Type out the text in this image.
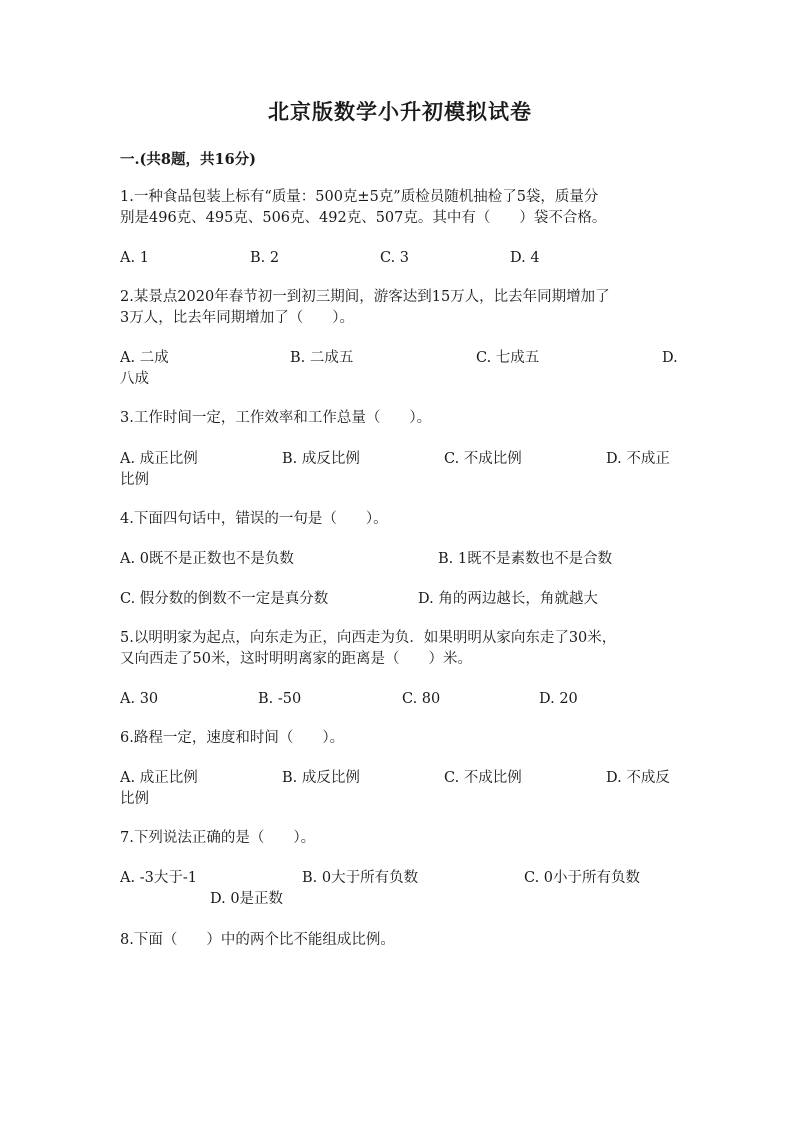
北京版数学小升初模拟试卷
一.(共8题，共16分)
1.一种食品包装上标有“质量：500克±5克”质检员随机抽检了5袋，质量分
别是496克、495克、506克、492克、507克。其中有（　　）袋不合格。
A. 1	B. 2	C. 3	D. 4
2.某景点2020年春节初一到初三期间，游客达到15万人，比去年同期增加了
3万人，比去年同期增加了（　　）。
A. 二成	B. 二成五	C. 七成五	D.
八成
3.工作时间一定，工作效率和工作总量（　　）。
A. 成正比例	B. 成反比例	C. 不成比例	D. 不成正
比例
4.下面四句话中，错误的一句是（　　）。
A. 0既不是正数也不是负数	B. 1既不是素数也不是合数
C. 假分数的倒数不一定是真分数	D. 角的两边越长，角就越大
5.以明明家为起点，向东走为正，向西走为负．如果明明从家向东走了30米，
又向西走了50米，这时明明离家的距离是（　　）米。
A. 30	B. -50	C. 80	D. 20
6.路程一定，速度和时间（　　）。
A. 成正比例	B. 成反比例	C. 不成比例	D. 不成反
比例
7.下列说法正确的是（　　）。
A. -3大于-1	B. 0大于所有负数	C. 0小于所有负数
D. 0是正数
8.下面（　　）中的两个比不能组成比例。
